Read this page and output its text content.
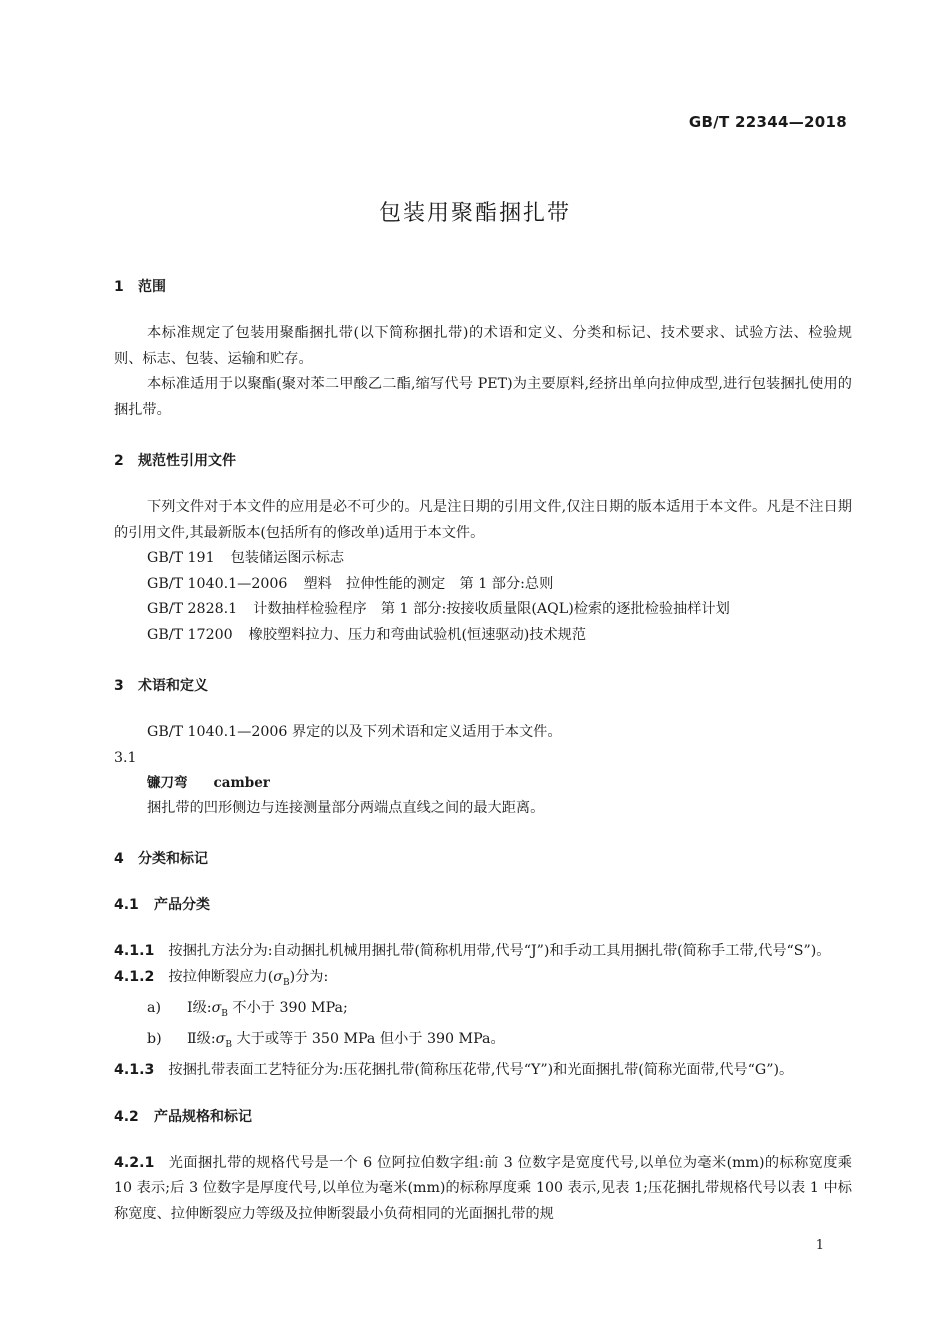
GB/T 22344—2018
包装用聚酯捆扎带
1 范围
本标准规定了包装用聚酯捆扎带(以下简称捆扎带)的术语和定义、分类和标记、技术要求、试验方法、检验规则、标志、包装、运输和贮存。
本标准适用于以聚酯(聚对苯二甲酸乙二酯,缩写代号 PET)为主要原料,经挤出单向拉伸成型,进行包装捆扎使用的捆扎带。
2 规范性引用文件
下列文件对于本文件的应用是必不可少的。凡是注日期的引用文件,仅注日期的版本适用于本文件。凡是不注日期的引用文件,其最新版本(包括所有的修改单)适用于本文件。
GB/T 191 包装储运图示标志
GB/T 1040.1—2006 塑料　拉伸性能的测定　第 1 部分:总则
GB/T 2828.1 计数抽样检验程序　第 1 部分:按接收质量限(AQL)检索的逐批检验抽样计划
GB/T 17200 橡胶塑料拉力、压力和弯曲试验机(恒速驱动)技术规范
3 术语和定义
GB/T 1040.1—2006 界定的以及下列术语和定义适用于本文件。
3.1
镰刀弯 camber
捆扎带的凹形侧边与连接测量部分两端点直线之间的最大距离。
4 分类和标记
4.1 产品分类
4.1.1 按捆扎方法分为:自动捆扎机械用捆扎带(简称机用带,代号“J”)和手动工具用捆扎带(简称手工带,代号“S”)。
4.1.2 按拉伸断裂应力$(\sigma_B)$分为:
a) Ⅰ级$:\sigma_B$ 不小于 390 MPa;
b) Ⅱ级$:\sigma_B$ 大于或等于 350 MPa 但小于 390 MPa。
4.1.3 按捆扎带表面工艺特征分为:压花捆扎带(简称压花带,代号“Y”)和光面捆扎带(简称光面带,代号“G”)。
4.2 产品规格和标记
4.2.1 光面捆扎带的规格代号是一个 6 位阿拉伯数字组:前 3 位数字是宽度代号,以单位为毫米(mm)的标称宽度乘 10 表示;后 3 位数字是厚度代号,以单位为毫米(mm)的标称厚度乘 100 表示,见表 1;压花捆扎带规格代号以表 1 中标称宽度、拉伸断裂应力等级及拉伸断裂最小负荷相同的光面捆扎带的规
1
